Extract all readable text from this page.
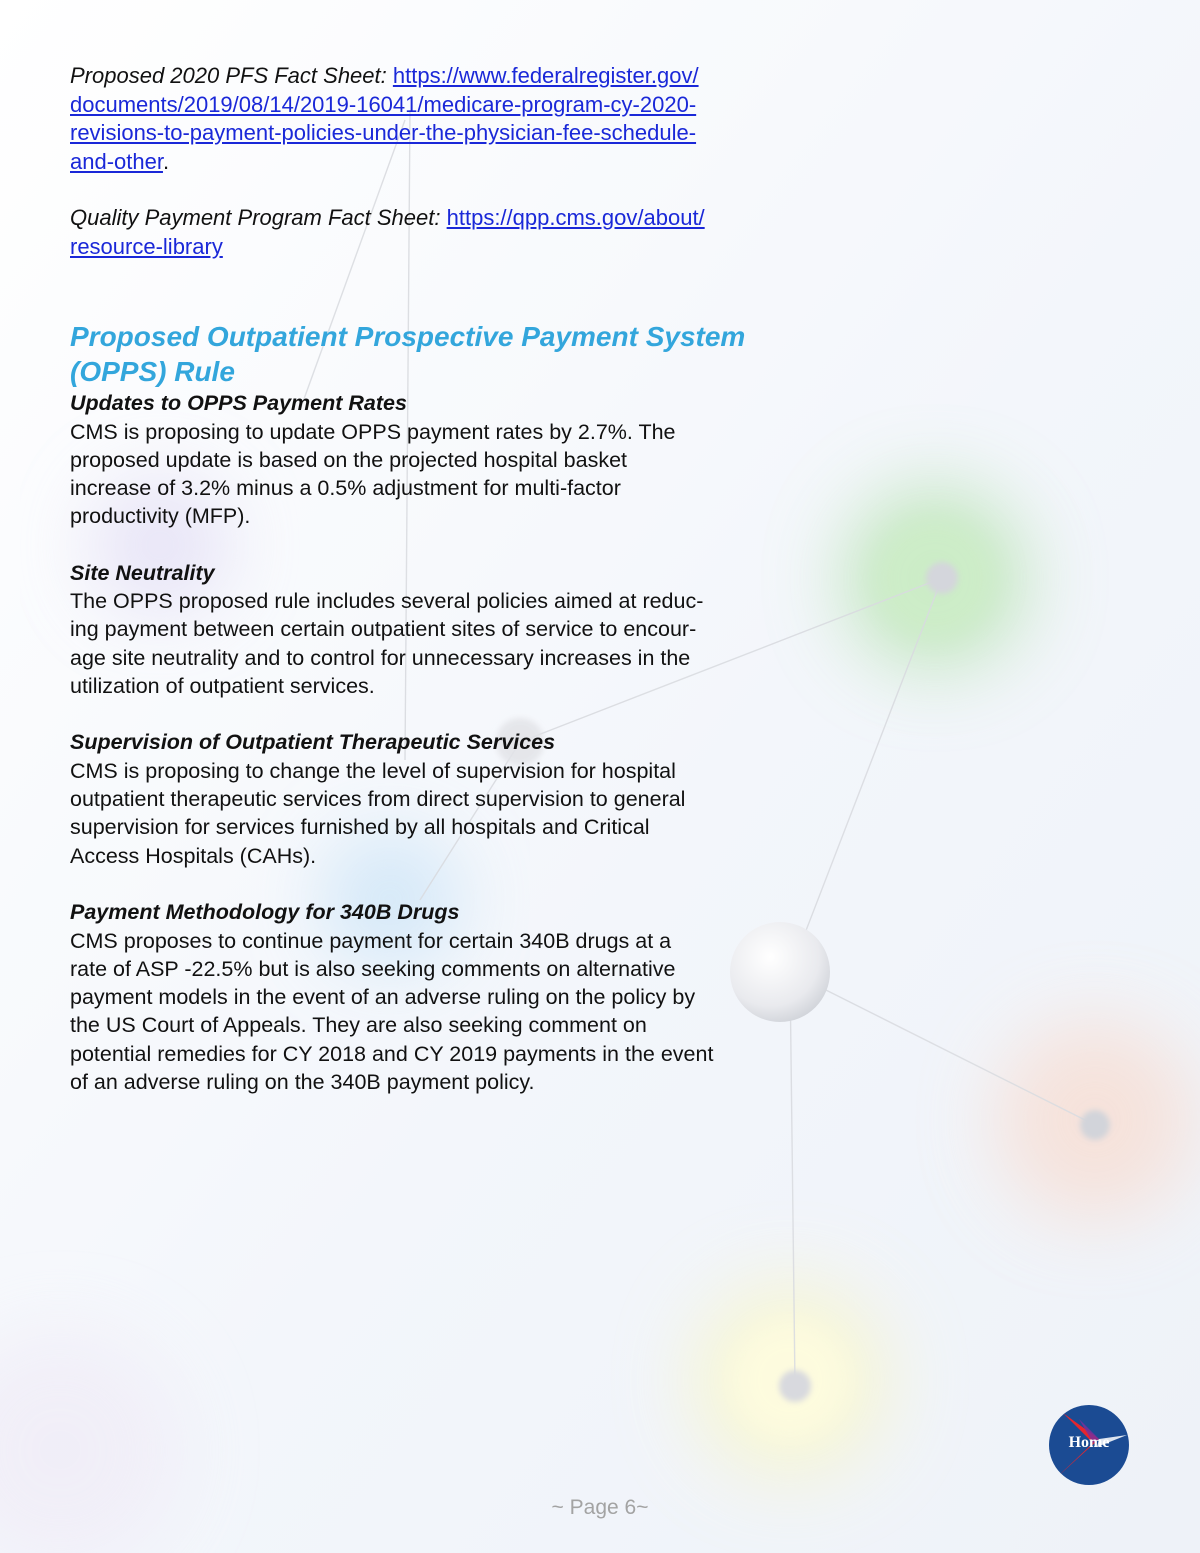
Proposed 2020 PFS Fact Sheet: https://www.federalregister.gov/
documents/2019/08/14/2019-16041/medicare-program-cy-2020-
revisions-to-payment-policies-under-the-physician-fee-schedule-
and-other.

Quality Payment Program Fact Sheet: https://qpp.cms.gov/about/
resource-library

Proposed Outpatient Prospective Payment System
(OPPS) Rule

Updates to OPPS Payment Rates

CMS is proposing to update OPPS payment rates by 2.7%. The
proposed update is based on the projected hospital basket
increase of 3.2% minus a 0.5% adjustment for multi-factor
productivity (MFP).

Site Neutrality

The OPPS proposed rule includes several policies aimed at reduc-
ing payment between certain outpatient sites of service to encour-
age site neutrality and to control for unnecessary increases in the
utilization of outpatient services.

Supervision of Outpatient Therapeutic Services

CMS is proposing to change the level of supervision for hospital
outpatient therapeutic services from direct supervision to general
supervision for services furnished by all hospitals and Critical
Access Hospitals (CAHs).

Payment Methodology for 340B Drugs

CMS proposes to continue payment for certain 340B drugs at a
rate of ASP -22.5% but is also seeking comments on alternative
payment models in the event of an adverse ruling on the policy by
the US Court of Appeals. They are also seeking comment on
potential remedies for CY 2018 and CY 2019 payments in the event
of an adverse ruling on the 340B payment policy.

Home
~ Page 6~
